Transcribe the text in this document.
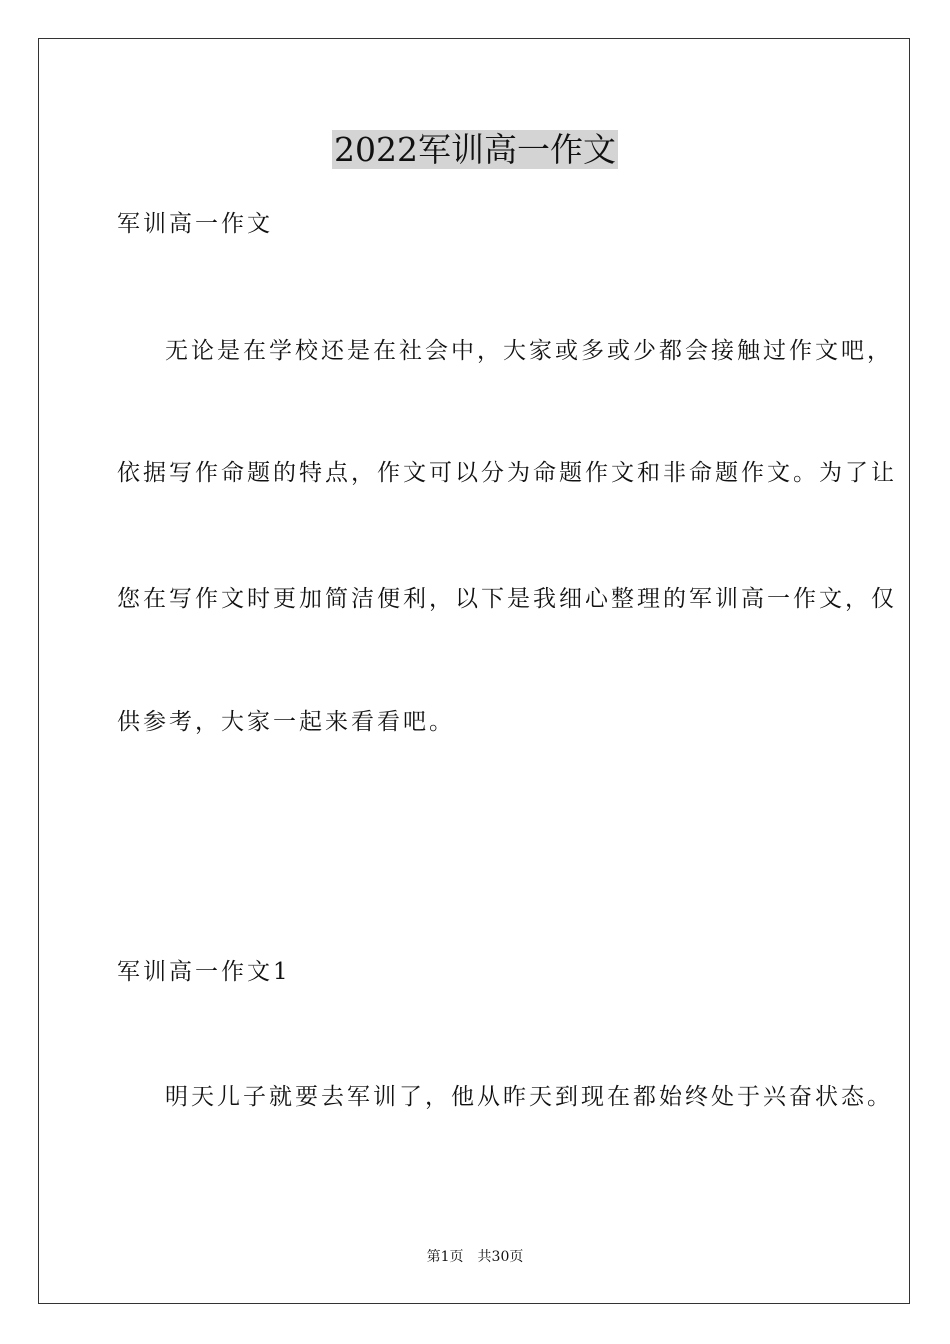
2022军训高一作文
军训高一作文
无论是在学校还是在社会中，大家或多或少都会接触过作文吧，
依据写作命题的特点，作文可以分为命题作文和非命题作文。为了让
您在写作文时更加简洁便利，以下是我细心整理的军训高一作文，仅
供参考，大家一起来看看吧。
军训高一作文1
明天儿子就要去军训了，他从昨天到现在都始终处于兴奋状态。
第1页　共30页
